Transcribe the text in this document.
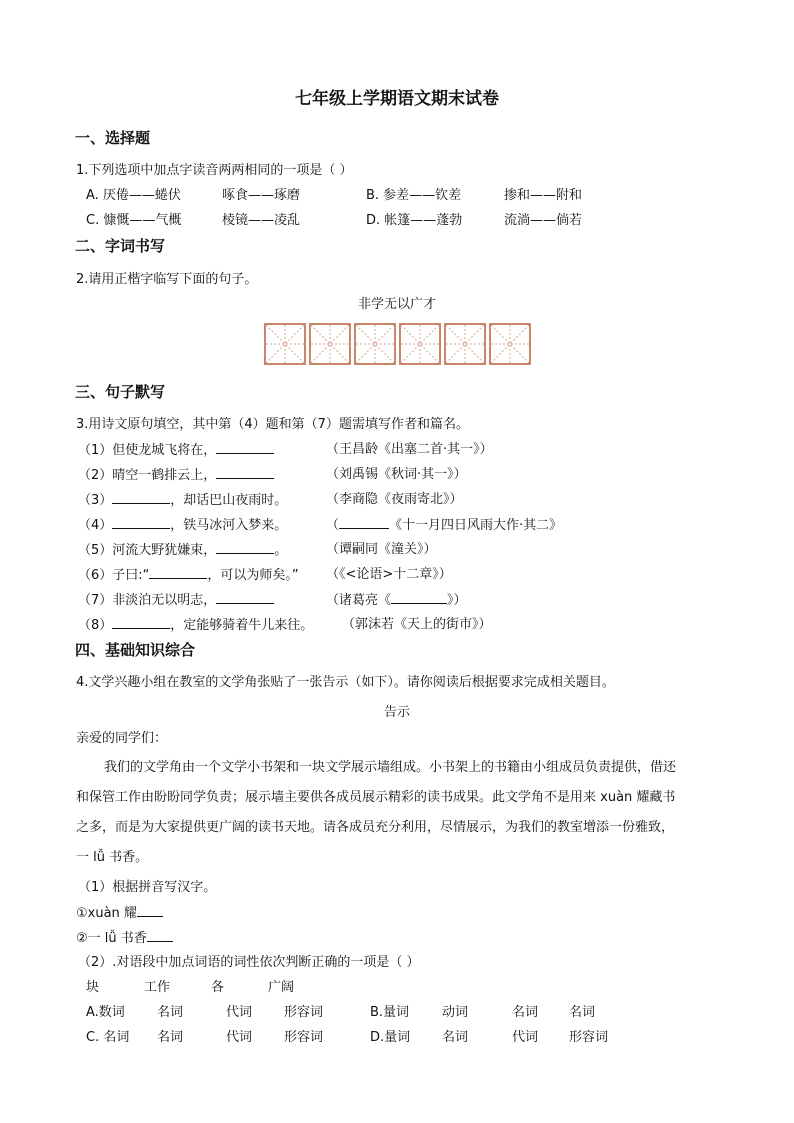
七年级上学期语文期末试卷
一、选择题
1.下列选项中加点字读音两两相同的一项是（ ）
A. 厌倦——蜷伏	啄食——琢磨	B. 参差——钦差	掺和——附和
C. 慷慨——气概	棱镜——凌乱	D. 帐篷——蓬勃	流淌——倘若
二、字词书写
2.请用正楷字临写下面的句子。
非学无以广才
三、句子默写
3.用诗文原句填空，其中第（4）题和第（7）题需填写作者和篇名。
（1）但使龙城飞将在，	（王昌龄《出塞二首·其一》）
（2）晴空一鹤排云上，	（刘禹锡《秋词·其一》）
（3）	，却话巴山夜雨时。	（李商隐《夜雨寄北》）
（4）	，铁马冰河入梦来。	（	《十一月四日风雨大作·其二》
（5）河流大野犹嫌束，	。	（谭嗣同《潼关》）
（6）子曰:“	，可以为师矣。” （《<论语>十二章》）
（7）非淡泊无以明志，	（诸葛亮《	》）
（8）	，定能够骑着牛儿来往。 （郭沫若《天上的街市》）
四、基础知识综合
4.文学兴趣小组在教室的文学角张贴了一张告示（如下）。请你阅读后根据要求完成相关题目。
告示
亲爱的同学们：
我们的文学角由一个文学小书架和一块文学展示墙组成。小书架上的书籍由小组成员负责提供，借还
和保管工作由盼盼同学负责；展示墙主要供各成员展示精彩的读书成果。此文学角不是用来 xuàn 耀藏书
之多，而是为大家提供更广阔的读书天地。请各成员充分利用，尽情展示，为我们的教室增添一份雅致，
一 lǚ 书香。
（1）根据拼音写汉字。
①xuàn 耀
②一 lǚ 书香
（2）.对语段中加点词语的词性依次判断正确的一项是（ ）
块	工作	各	广阔
A.数词 名词	代词 形容词	B.量词	动词	名词 名词
C. 名词 名词	代词 形容词	D.量词 名词	代词 形容词
